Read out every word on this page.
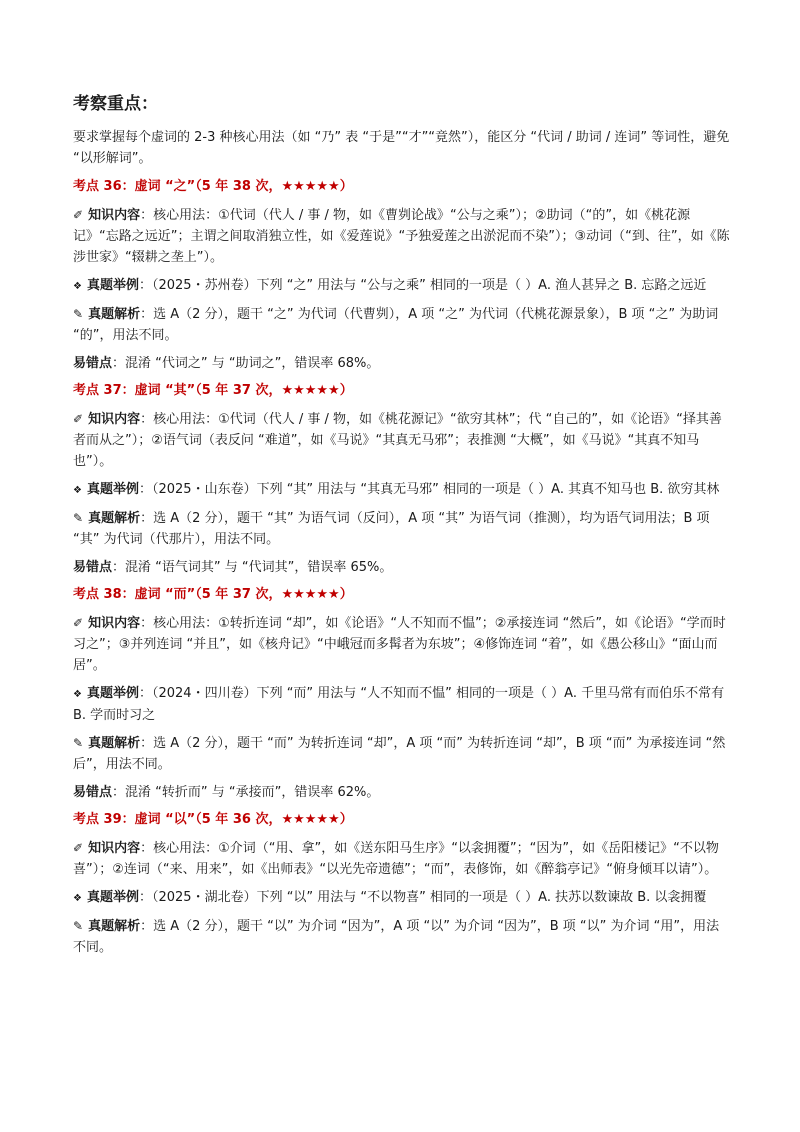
考察重点：

要求掌握每个虚词的 2-3 种核心用法（如 “乃” 表 “于是”“才”“竟然”），能区分 “代词 / 助词 / 连词” 等词性，避免 “以形解词”。

考点 36：虚词 “之”（5 年 38 次，★★★★★）

✐ 知识内容：核心用法：①代词（代人 / 事 / 物，如《曹刿论战》“公与之乘”）；②助词（“的”，如《桃花源记》“忘路之远近”；主谓之间取消独立性，如《爱莲说》“予独爱莲之出淤泥而不染”）；③动词（“到、往”，如《陈涉世家》“辍耕之垄上”）。

❖ 真题举例：（2025・苏州卷）下列 “之” 用法与 “公与之乘” 相同的一项是（ ）A. 渔人甚异之 B. 忘路之远近

✎ 真题解析：选 A（2 分），题干 “之” 为代词（代曹刿），A 项 “之” 为代词（代桃花源景象），B 项 “之” 为助词 “的”，用法不同。

易错点：混淆 “代词之” 与 “助词之”，错误率 68%。

考点 37：虚词 “其”（5 年 37 次，★★★★★）

✐ 知识内容：核心用法：①代词（代人 / 事 / 物，如《桃花源记》“欲穷其林”；代 “自己的”，如《论语》“择其善者而从之”）；②语气词（表反问 “难道”，如《马说》“其真无马邪”；表推测 “大概”，如《马说》“其真不知马也”）。

❖ 真题举例：（2025・山东卷）下列 “其” 用法与 “其真无马邪” 相同的一项是（ ）A. 其真不知马也 B. 欲穷其林

✎ 真题解析：选 A（2 分），题干 “其” 为语气词（反问），A 项 “其” 为语气词（推测），均为语气词用法；B 项 “其” 为代词（代那片），用法不同。

易错点：混淆 “语气词其” 与 “代词其”，错误率 65%。

考点 38：虚词 “而”（5 年 37 次，★★★★★）

✐ 知识内容：核心用法：①转折连词 “却”，如《论语》“人不知而不愠”；②承接连词 “然后”，如《论语》“学而时习之”；③并列连词 “并且”，如《核舟记》“中峨冠而多髯者为东坡”；④修饰连词 “着”，如《愚公移山》“面山而居”。

❖ 真题举例：（2024・四川卷）下列 “而” 用法与 “人不知而不愠” 相同的一项是（ ）A. 千里马常有而伯乐不常有 B. 学而时习之

✎ 真题解析：选 A（2 分），题干 “而” 为转折连词 “却”，A 项 “而” 为转折连词 “却”，B 项 “而” 为承接连词 “然后”，用法不同。

易错点：混淆 “转折而” 与 “承接而”，错误率 62%。

考点 39：虚词 “以”（5 年 36 次，★★★★★）

✐ 知识内容：核心用法：①介词（“用、拿”，如《送东阳马生序》“以衾拥覆”；“因为”，如《岳阳楼记》“不以物喜”）；②连词（“来、用来”，如《出师表》“以光先帝遗德”；“而”，表修饰，如《醉翁亭记》“俯身倾耳以请”）。

❖ 真题举例：（2025・湖北卷）下列 “以” 用法与 “不以物喜” 相同的一项是（ ）A. 扶苏以数谏故 B. 以衾拥覆

✎ 真题解析：选 A（2 分），题干 “以” 为介词 “因为”，A 项 “以” 为介词 “因为”，B 项 “以” 为介词 “用”，用法不同。
